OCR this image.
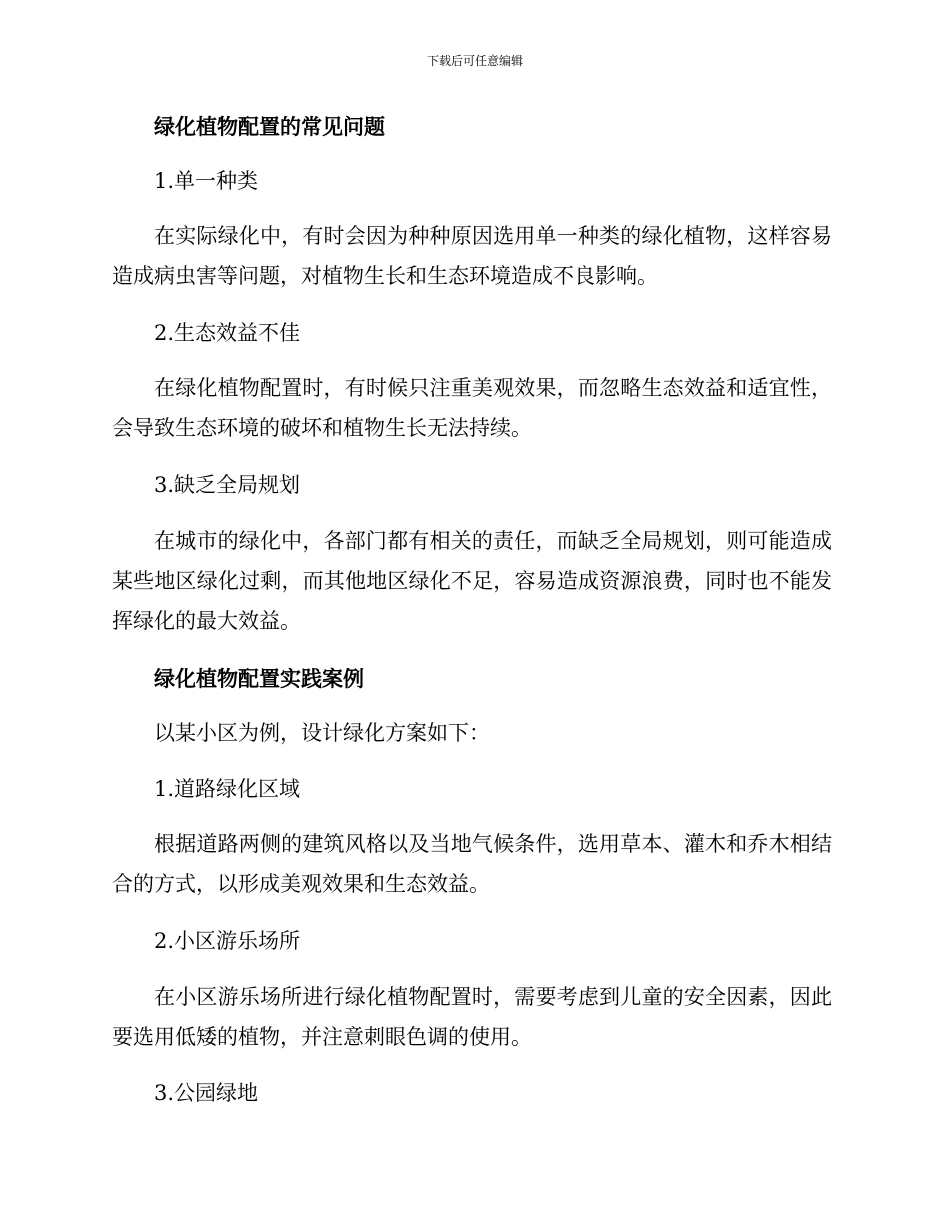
下载后可任意编辑

绿化植物配置的常见问题

1.单一种类

在实际绿化中，有时会因为种种原因选用单一种类的绿化植物，这样容易造成病虫害等问题，对植物生长和生态环境造成不良影响。

2.生态效益不佳

在绿化植物配置时，有时候只注重美观效果，而忽略生态效益和适宜性，会导致生态环境的破坏和植物生长无法持续。

3.缺乏全局规划

在城市的绿化中，各部门都有相关的责任，而缺乏全局规划，则可能造成某些地区绿化过剩，而其他地区绿化不足，容易造成资源浪费，同时也不能发挥绿化的最大效益。

绿化植物配置实践案例

以某小区为例，设计绿化方案如下：

1.道路绿化区域

根据道路两侧的建筑风格以及当地气候条件，选用草本、灌木和乔木相结合的方式，以形成美观效果和生态效益。

2.小区游乐场所

在小区游乐场所进行绿化植物配置时，需要考虑到儿童的安全因素，因此要选用低矮的植物，并注意刺眼色调的使用。

3.公园绿地
